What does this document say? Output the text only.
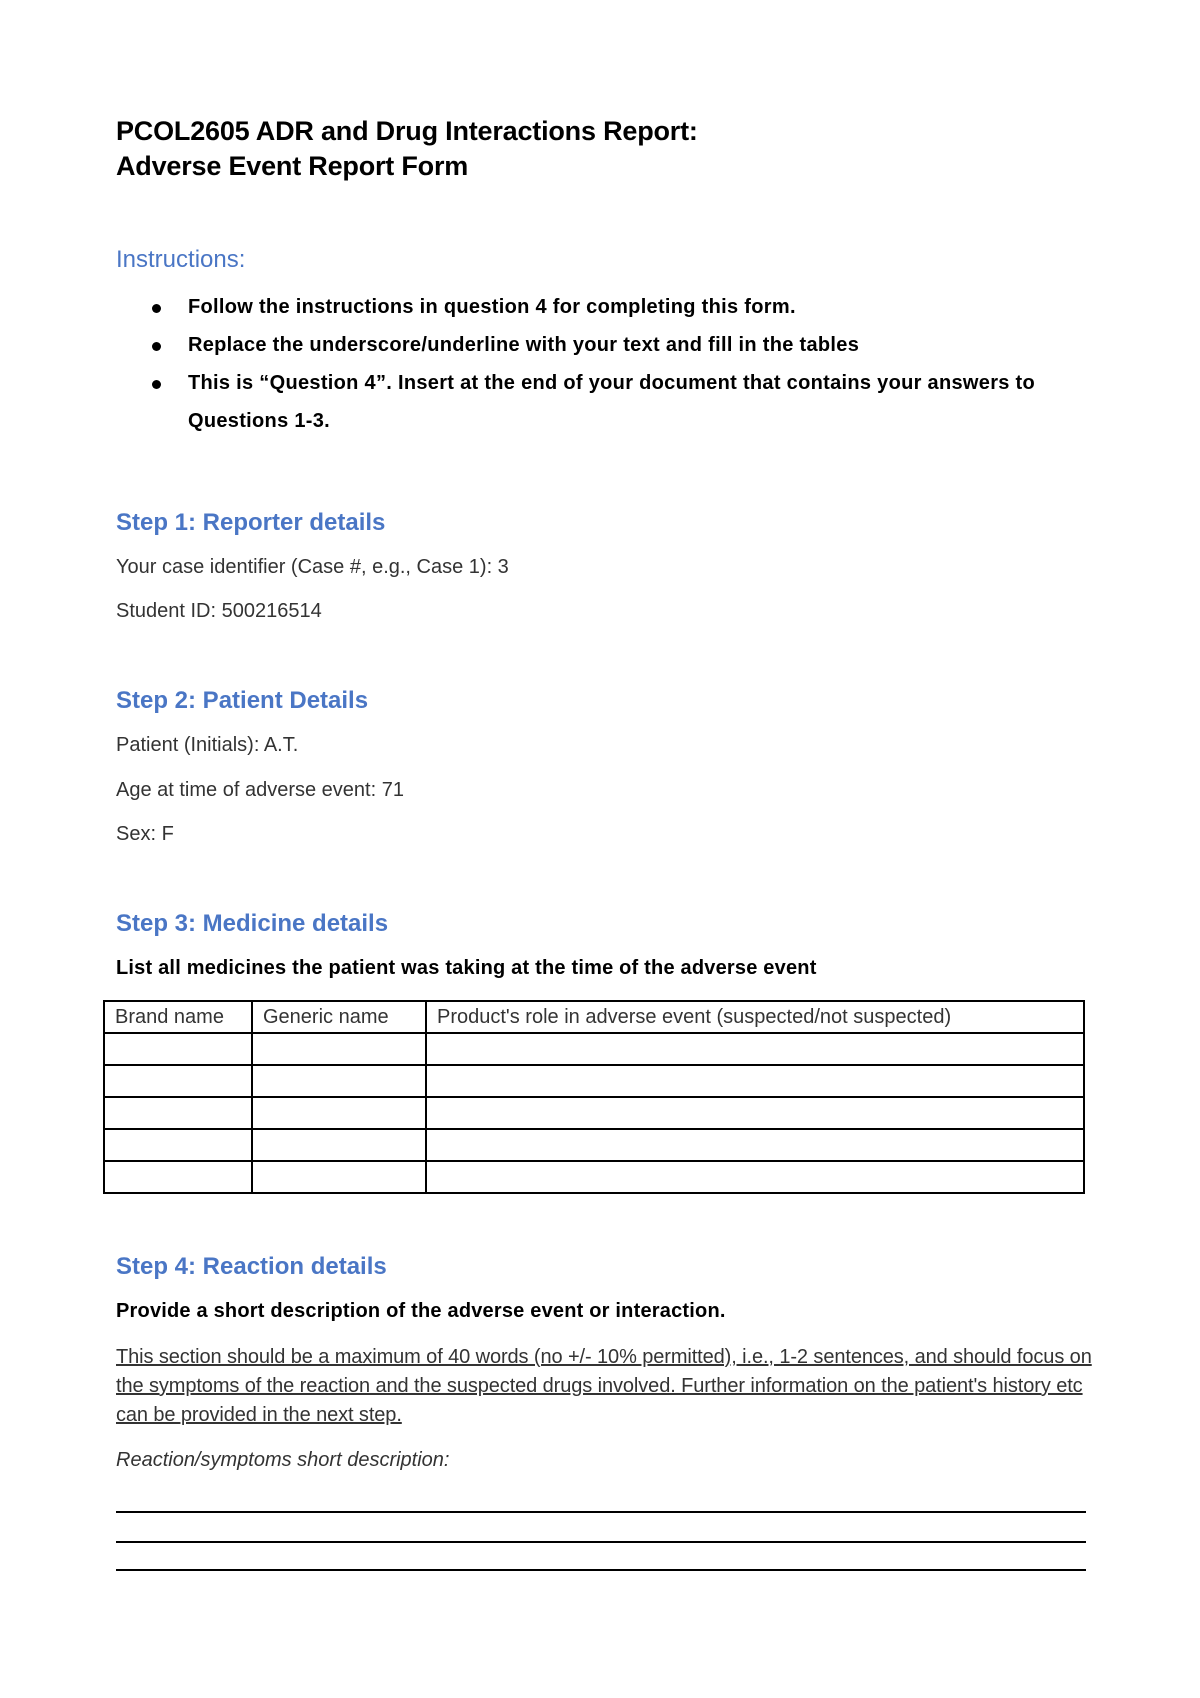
PCOL2605 ADR and Drug Interactions Report:
Adverse Event Report Form
Instructions:
Follow the instructions in question 4 for completing this form.
Replace the underscore/underline with your text and fill in the tables
This is “Question 4”. Insert at the end of your document that contains your answers to Questions 1-3.
Step 1: Reporter details
Your case identifier (Case #, e.g., Case 1): 3
Student ID: 500216514
Step 2: Patient Details
Patient (Initials): A.T.
Age at time of adverse event: 71
Sex: F
Step 3: Medicine details
List all medicines the patient was taking at the time of the adverse event
Brand name	Generic name	Product's role in adverse event (suspected/not suspected)

Step 4: Reaction details
Provide a short description of the adverse event or interaction.
This section should be a maximum of 40 words (no +/- 10% permitted), i.e., 1-2 sentences, and should focus on the symptoms of the reaction and the suspected drugs involved. Further information on the patient's history etc can be provided in the next step.
Reaction/symptoms short description:
